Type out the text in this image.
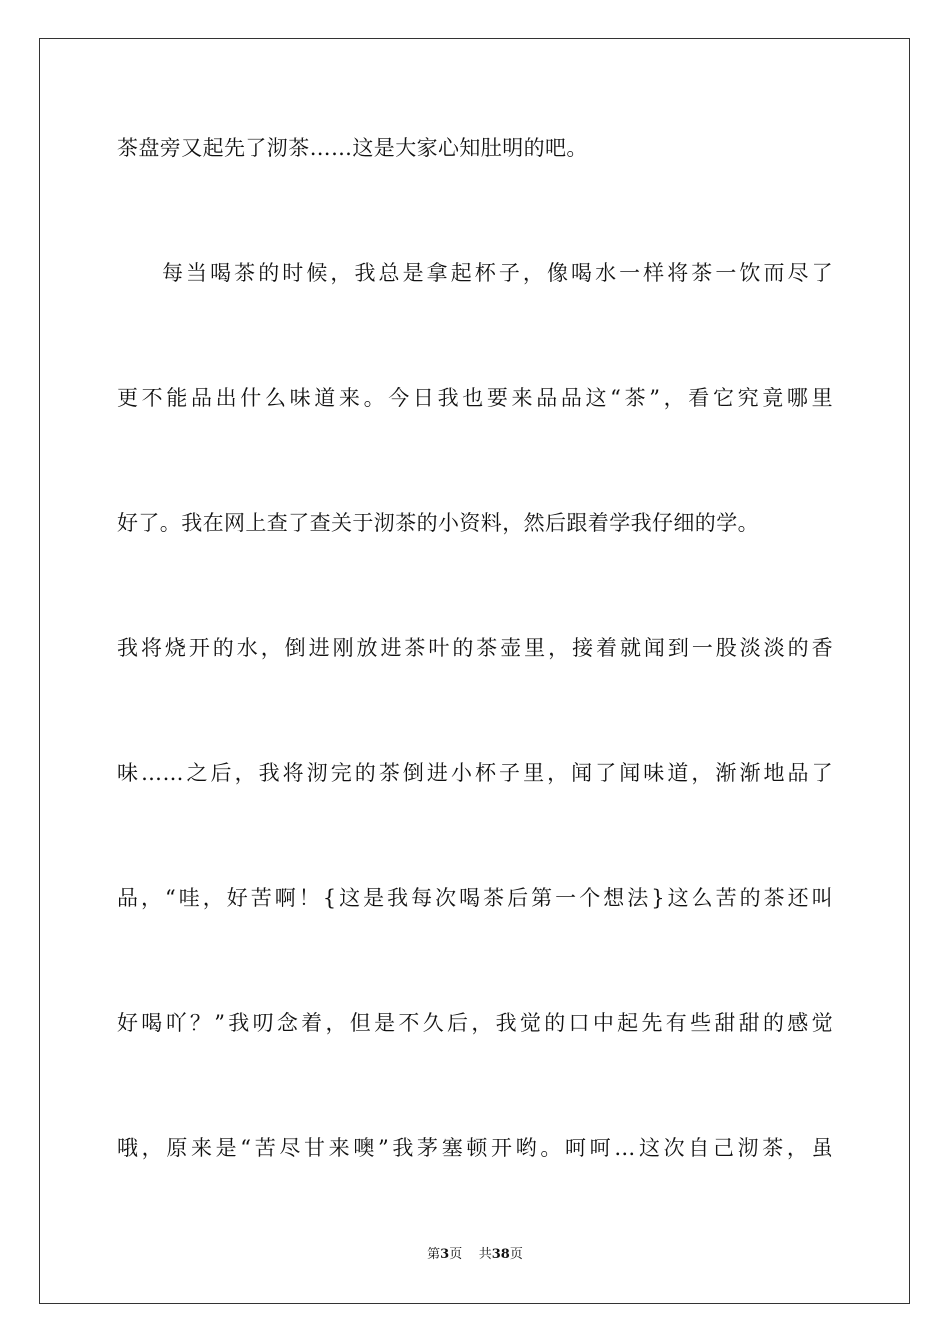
茶盘旁又起先了沏茶……这是大家心知肚明的吧。
每当喝茶的时候，我总是拿起杯子，像喝水一样将茶一饮而尽了
更不能品出什么味道来。今日我也要来品品这“茶”，看它究竟哪里
好了。我在网上查了查关于沏茶的小资料，然后跟着学我仔细的学。
我将烧开的水，倒进刚放进茶叶的茶壶里，接着就闻到一股淡淡的香
味……之后，我将沏完的茶倒进小杯子里，闻了闻味道，渐渐地品了
品，“哇，好苦啊！{这是我每次喝茶后第一个想法}这么苦的茶还叫
好喝吖？”我叨念着，但是不久后，我觉的口中起先有些甜甜的感觉
哦，原来是“苦尽甘来噢”我茅塞顿开哟。呵呵…这次自己沏茶，虽
第3页 共38页
